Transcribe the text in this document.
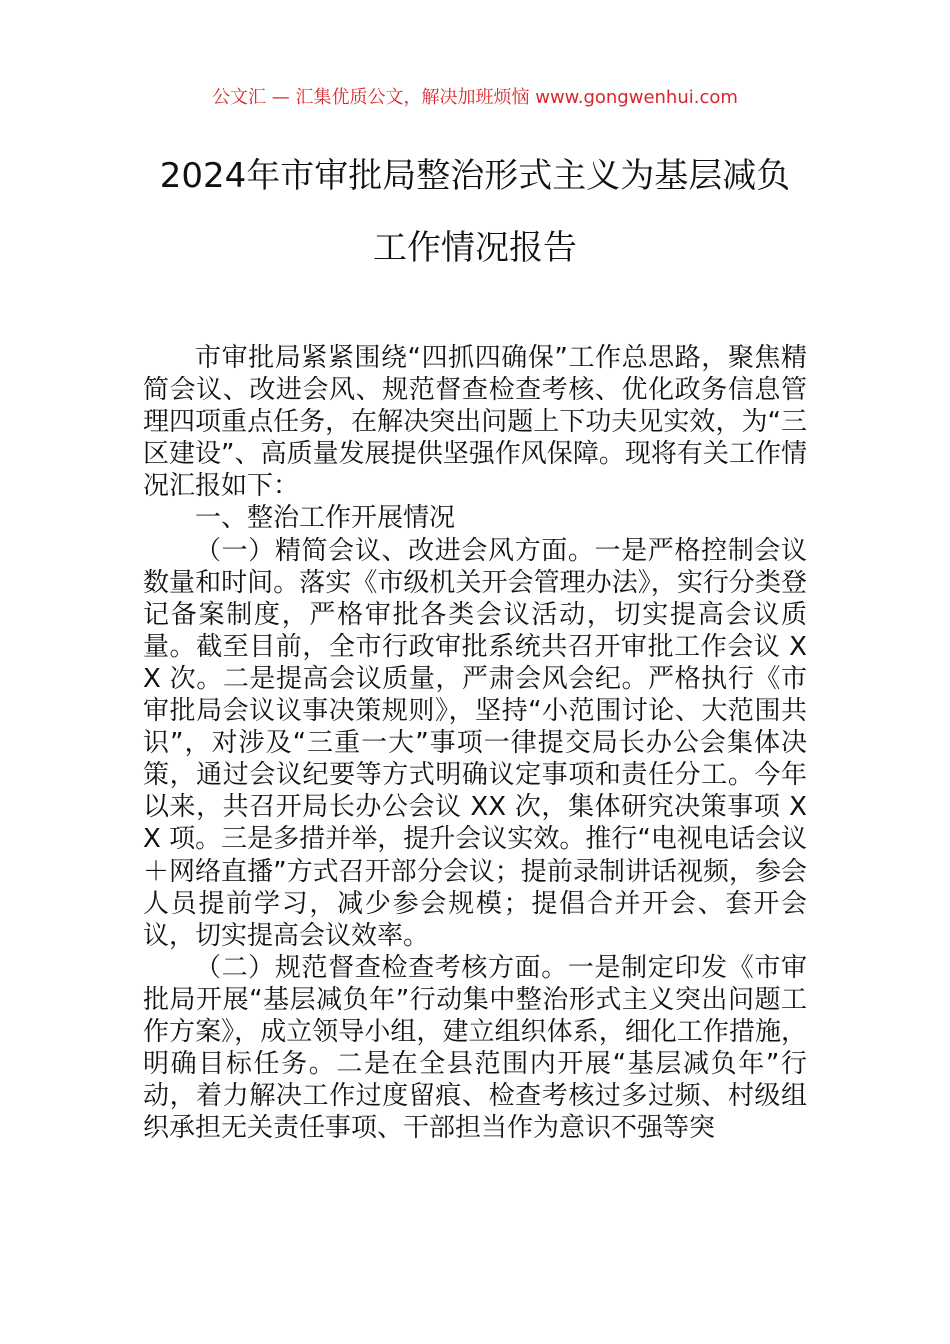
公文汇 — 汇集优质公文，解决加班烦恼 www.gongwenhui.com
2024年市审批局整治形式主义为基层减负
工作情况报告

市审批局紧紧围绕“四抓四确保”工作总思路，聚焦精简会议、改进会风、规范督查检查考核、优化政务信息管理四项重点任务，在解决突出问题上下功夫见实效，为“三区建设”、高质量发展提供坚强作风保障。现将有关工作情况汇报如下：

一、整治工作开展情况

（一）精简会议、改进会风方面。一是严格控制会议数量和时间。落实《市级机关开会管理办法》，实行分类登记备案制度，严格审批各类会议活动，切实提高会议质量。截至目前，全市行政审批系统共召开审批工作会议 XX 次。二是提高会议质量，严肃会风会纪。严格执行《市审批局会议议事决策规则》，坚持“小范围讨论、大范围共识”，对涉及“三重一大”事项一律提交局长办公会集体决策，通过会议纪要等方式明确议定事项和责任分工。今年以来，共召开局长办公会议 XX 次，集体研究决策事项 XX 项。三是多措并举，提升会议实效。推行“电视电话会议＋网络直播”方式召开部分会议；提前录制讲话视频，参会人员提前学习，减少参会规模；提倡合并开会、套开会议，切实提高会议效率。

（二）规范督查检查考核方面。一是制定印发《市审批局开展“基层减负年”行动集中整治形式主义突出问题工作方案》，成立领导小组，建立组织体系，细化工作措施，明确目标任务。二是在全县范围内开展“基层减负年”行动，着力解决工作过度留痕、检查考核过多过频、村级组织承担无关责任事项、干部担当作为意识不强等突
